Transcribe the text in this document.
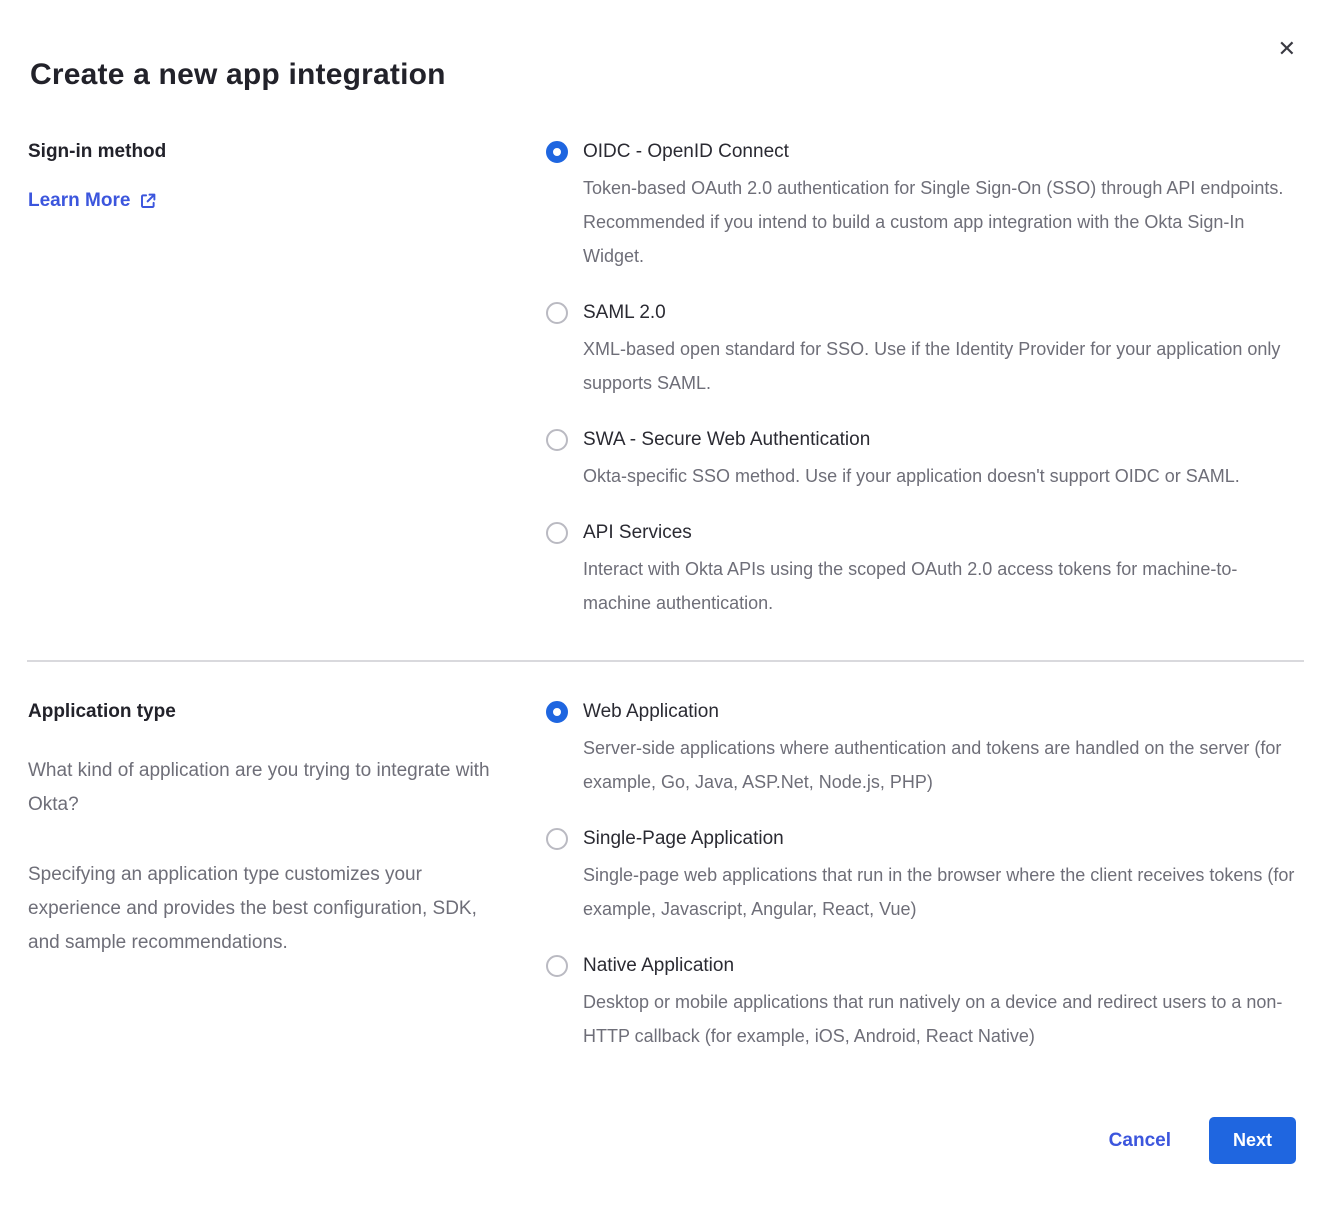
✕
Create a new app integration
Sign-in method
Learn More
OIDC - OpenID Connect
Token-based OAuth 2.0 authentication for Single Sign-On (SSO) through API endpoints. Recommended if you intend to build a custom app integration with the Okta Sign-In Widget.
SAML 2.0
XML-based open standard for SSO. Use if the Identity Provider for your application only supports SAML.
SWA - Secure Web Authentication
Okta-specific SSO method. Use if your application doesn't support OIDC or SAML.
API Services
Interact with Okta APIs using the scoped OAuth 2.0 access tokens for machine-to-machine authentication.
Application type

What kind of application are you trying to integrate with Okta?

Specifying an application type customizes your experience and provides the best configuration, SDK, and sample recommendations.

Web Application
Server-side applications where authentication and tokens are handled on the server (for example, Go, Java, ASP.Net, Node.js, PHP)
Single-Page Application
Single-page web applications that run in the browser where the client receives tokens (for example, Javascript, Angular, React, Vue)
Native Application
Desktop or mobile applications that run natively on a device and redirect users to a non-HTTP callback (for example, iOS, Android, React Native)
Cancel	Next
